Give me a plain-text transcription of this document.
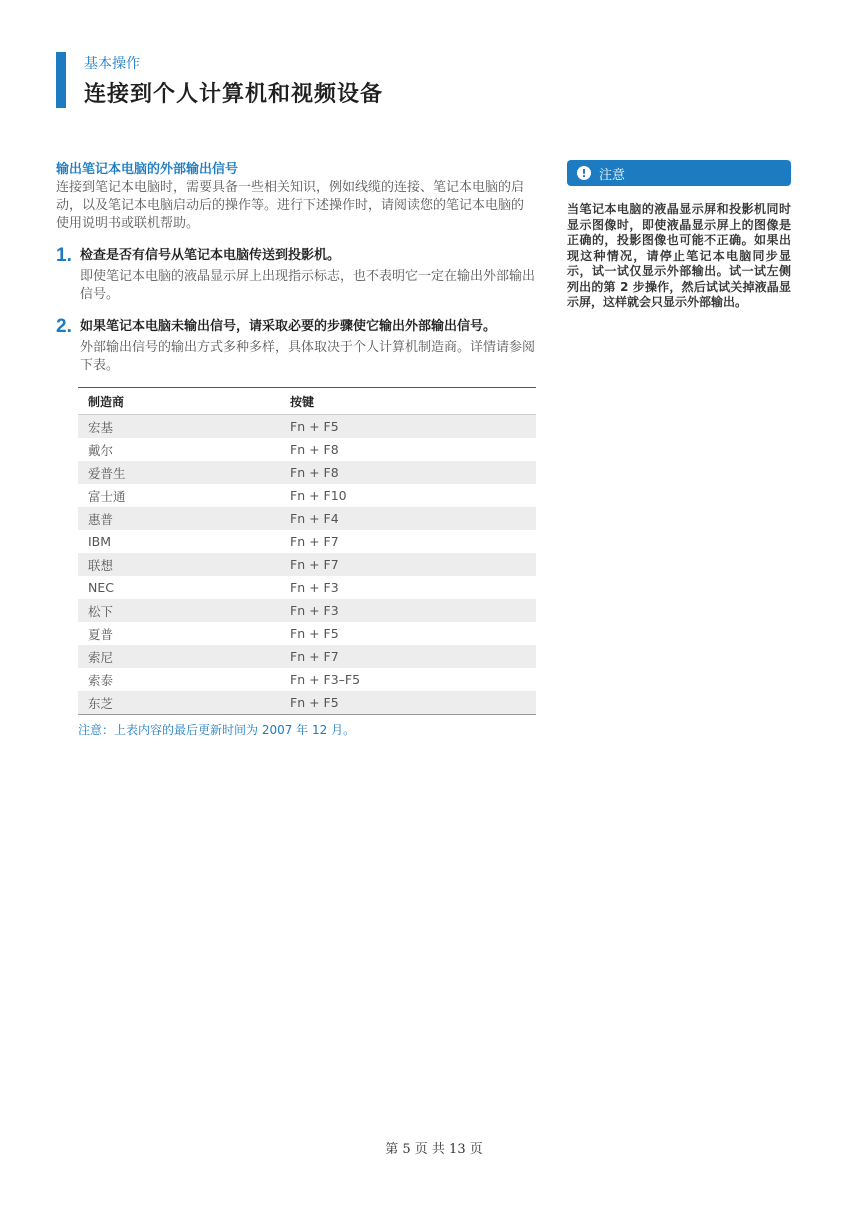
基本操作
连接到个人计算机和视频设备
输出笔记本电脑的外部输出信号

连接到笔记本电脑时，需要具备一些相关知识，例如线缆的连接、笔记本电脑的启动，以及笔记本电脑启动后的操作等。进行下述操作时，请阅读您的笔记本电脑的使用说明书或联机帮助。

1. 检查是否有信号从笔记本电脑传送到投影机。
即使笔记本电脑的液晶显示屏上出现指示标志，也不表明它一定在输出外部输出信号。
2. 如果笔记本电脑未输出信号，请采取必要的步骤使它输出外部输出信号。
外部输出信号的输出方式多种多样，具体取决于个人计算机制造商。详情请参阅下表。
制造商	按键
宏基	Fn + F5
戴尔	Fn + F8
爱普生	Fn + F8
富士通	Fn + F10
惠普	Fn + F4
IBM	Fn + F7
联想	Fn + F7
NEC	Fn + F3
松下	Fn + F3
夏普	Fn + F5
索尼	Fn + F7
索泰	Fn + F3–F5
东芝	Fn + F5
注意：上表内容的最后更新时间为 2007 年 12 月。
! 注意
当笔记本电脑的液晶显示屏和投影机同时显示图像时，即使液晶显示屏上的图像是正确的，投影图像也可能不正确。如果出现这种情况，请停止笔记本电脑同步显示，试一试仅显示外部输出。试一试左侧列出的第 2 步操作，然后试试关掉液晶显示屏，这样就会只显示外部输出。
第 5 页 共 13 页
